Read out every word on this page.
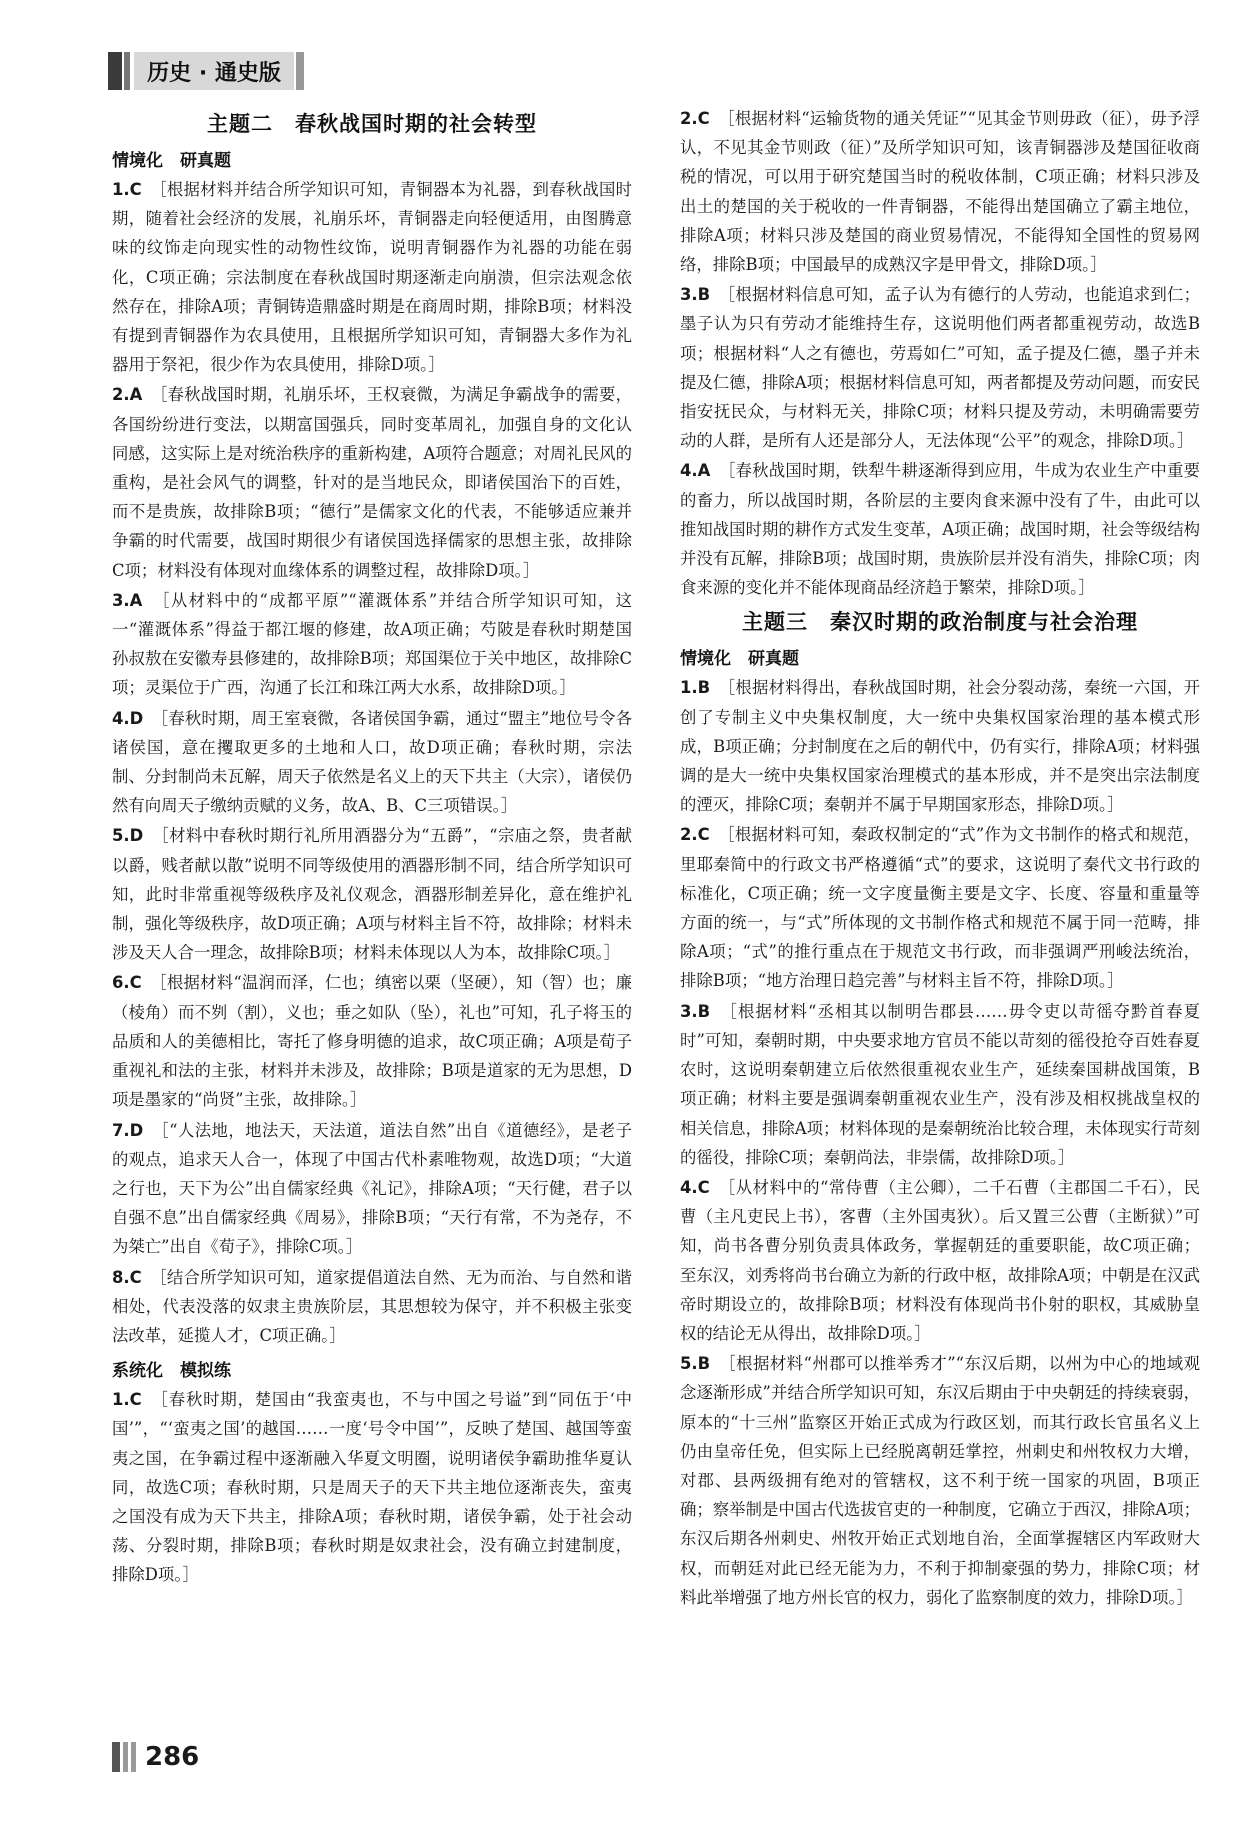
历史 · 通史版
主题二　春秋战国时期的社会转型
情境化　研真题

1.C　 ［根据材料并结合所学知识可知，青铜器本为礼器，到春秋战国时期，随着社会经济的发展，礼崩乐坏，青铜器走向轻便适用，由图腾意味的纹饰走向现实性的动物性纹饰，说明青铜器作为礼器的功能在弱化，C项正确；宗法制度在春秋战国时期逐渐走向崩溃，但宗法观念依然存在，排除A项；青铜铸造鼎盛时期是在商周时期，排除B项；材料没有提到青铜器作为农具使用，且根据所学知识可知，青铜器大多作为礼器用于祭祀，很少作为农具使用，排除D项。］

2.A　 ［春秋战国时期，礼崩乐坏，王权衰微，为满足争霸战争的需要，各国纷纷进行变法，以期富国强兵，同时变革周礼，加强自身的文化认同感，这实际上是对统治秩序的重新构建，A项符合题意；对周礼民风的重构，是社会风气的调整，针对的是当地民众，即诸侯国治下的百姓，而不是贵族，故排除B项；“德行”是儒家文化的代表，不能够适应兼并争霸的时代需要，战国时期很少有诸侯国选择儒家的思想主张，故排除C项；材料没有体现对血缘体系的调整过程，故排除D项。］

3.A　 ［从材料中的“成都平原”“灌溉体系”并结合所学知识可知，这一“灌溉体系”得益于都江堰的修建，故A项正确；芍陂是春秋时期楚国孙叔敖在安徽寿县修建的，故排除B项；郑国渠位于关中地区，故排除C项；灵渠位于广西，沟通了长江和珠江两大水系，故排除D项。］

4.D　 ［春秋时期，周王室衰微，各诸侯国争霸，通过“盟主”地位号令各诸侯国，意在攫取更多的土地和人口，故D项正确；春秋时期，宗法制、分封制尚未瓦解，周天子依然是名义上的天下共主（大宗），诸侯仍然有向周天子缴纳贡赋的义务，故A、B、C三项错误。］

5.D　 ［材料中春秋时期行礼所用酒器分为“五爵”，“宗庙之祭，贵者献以爵，贱者献以散”说明不同等级使用的酒器形制不同，结合所学知识可知，此时非常重视等级秩序及礼仪观念，酒器形制差异化，意在维护礼制，强化等级秩序，故D项正确；A项与材料主旨不符，故排除；材料未涉及天人合一理念，故排除B项；材料未体现以人为本，故排除C项。］

6.C　 ［根据材料“温润而泽，仁也；缜密以栗（坚硬），知（智）也；廉（棱角）而不刿（割），义也；垂之如队（坠），礼也”可知，孔子将玉的品质和人的美德相比，寄托了修身明德的追求，故C项正确；A项是荀子重视礼和法的主张，材料并未涉及，故排除；B项是道家的无为思想，D项是墨家的“尚贤”主张，故排除。］

7.D　 ［“人法地，地法天，天法道，道法自然”出自《道德经》，是老子的观点，追求天人合一，体现了中国古代朴素唯物观，故选D项；“大道之行也，天下为公”出自儒家经典《礼记》，排除A项；“天行健，君子以自强不息”出自儒家经典《周易》，排除B项；“天行有常，不为尧存，不为桀亡”出自《荀子》，排除C项。］

8.C　 ［结合所学知识可知，道家提倡道法自然、无为而治、与自然和谐相处，代表没落的奴隶主贵族阶层，其思想较为保守，并不积极主张变法改革，延揽人才，C项正确。］

系统化　模拟练

1.C　 ［春秋时期，楚国由“我蛮夷也，不与中国之号谥”到“同伍于‘中国’”，“‘蛮夷之国’的越国……一度‘号令中国’”，反映了楚国、越国等蛮夷之国，在争霸过程中逐渐融入华夏文明圈，说明诸侯争霸助推华夏认同，故选C项；春秋时期，只是周天子的天下共主地位逐渐丧失，蛮夷之国没有成为天下共主，排除A项；春秋时期，诸侯争霸，处于社会动荡、分裂时期，排除B项；春秋时期是奴隶社会，没有确立封建制度，排除D项。］

2.C　 ［根据材料“运输货物的通关凭证”“见其金节则毋政（征），毋予浮认，不见其金节则政（征）”及所学知识可知，该青铜器涉及楚国征收商税的情况，可以用于研究楚国当时的税收体制，C项正确；材料只涉及出土的楚国的关于税收的一件青铜器，不能得出楚国确立了霸主地位，排除A项；材料只涉及楚国的商业贸易情况，不能得知全国性的贸易网络，排除B项；中国最早的成熟汉字是甲骨文，排除D项。］

3.B　 ［根据材料信息可知，孟子认为有德行的人劳动，也能追求到仁；墨子认为只有劳动才能维持生存，这说明他们两者都重视劳动，故选B项；根据材料“人之有德也，劳焉如仁”可知，孟子提及仁德，墨子并未提及仁德，排除A项；根据材料信息可知，两者都提及劳动问题，而安民指安抚民众，与材料无关，排除C项；材料只提及劳动，未明确需要劳动的人群，是所有人还是部分人，无法体现“公平”的观念，排除D项。］

4.A　 ［春秋战国时期，铁犁牛耕逐渐得到应用，牛成为农业生产中重要的畜力，所以战国时期，各阶层的主要肉食来源中没有了牛，由此可以推知战国时期的耕作方式发生变革，A项正确；战国时期，社会等级结构并没有瓦解，排除B项；战国时期，贵族阶层并没有消失，排除C项；肉食来源的变化并不能体现商品经济趋于繁荣，排除D项。］

主题三　秦汉时期的政治制度与社会治理
情境化　研真题

1.B　 ［根据材料得出，春秋战国时期，社会分裂动荡，秦统一六国，开创了专制主义中央集权制度，大一统中央集权国家治理的基本模式形成，B项正确；分封制度在之后的朝代中，仍有实行，排除A项；材料强调的是大一统中央集权国家治理模式的基本形成，并不是突出宗法制度的湮灭，排除C项；秦朝并不属于早期国家形态，排除D项。］

2.C　 ［根据材料可知，秦政权制定的“式”作为文书制作的格式和规范，里耶秦简中的行政文书严格遵循“式”的要求，这说明了秦代文书行政的标准化，C项正确；统一文字度量衡主要是文字、长度、容量和重量等方面的统一，与“式”所体现的文书制作格式和规范不属于同一范畴，排除A项；“式”的推行重点在于规范文书行政，而非强调严刑峻法统治，排除B项；“地方治理日趋完善”与材料主旨不符，排除D项。］

3.B　 ［根据材料“丞相其以制明告郡县……毋令吏以苛徭夺黔首春夏时”可知，秦朝时期，中央要求地方官员不能以苛刻的徭役抢夺百姓春夏农时，这说明秦朝建立后依然很重视农业生产，延续秦国耕战国策，B项正确；材料主要是强调秦朝重视农业生产，没有涉及相权挑战皇权的相关信息，排除A项；材料体现的是秦朝统治比较合理，未体现实行苛刻的徭役，排除C项；秦朝尚法，非崇儒，故排除D项。］

4.C　 ［从材料中的“常侍曹（主公卿），二千石曹（主郡国二千石），民曹（主凡吏民上书），客曹（主外国夷狄）。后又置三公曹（主断狱）”可知，尚书各曹分别负责具体政务，掌握朝廷的重要职能，故C项正确；至东汉，刘秀将尚书台确立为新的行政中枢，故排除A项；中朝是在汉武帝时期设立的，故排除B项；材料没有体现尚书仆射的职权，其威胁皇权的结论无从得出，故排除D项。］

5.B　 ［根据材料“州郡可以推举秀才”“东汉后期，以州为中心的地域观念逐渐形成”并结合所学知识可知，东汉后期由于中央朝廷的持续衰弱，原本的“十三州”监察区开始正式成为行政区划，而其行政长官虽名义上仍由皇帝任免，但实际上已经脱离朝廷掌控，州刺史和州牧权力大增，对郡、县两级拥有绝对的管辖权，这不利于统一国家的巩固，B项正确；察举制是中国古代选拔官吏的一种制度，它确立于西汉，排除A项；东汉后期各州刺史、州牧开始正式划地自治，全面掌握辖区内军政财大权，而朝廷对此已经无能为力，不利于抑制豪强的势力，排除C项；材料此举增强了地方州长官的权力，弱化了监察制度的效力，排除D项。］

286
